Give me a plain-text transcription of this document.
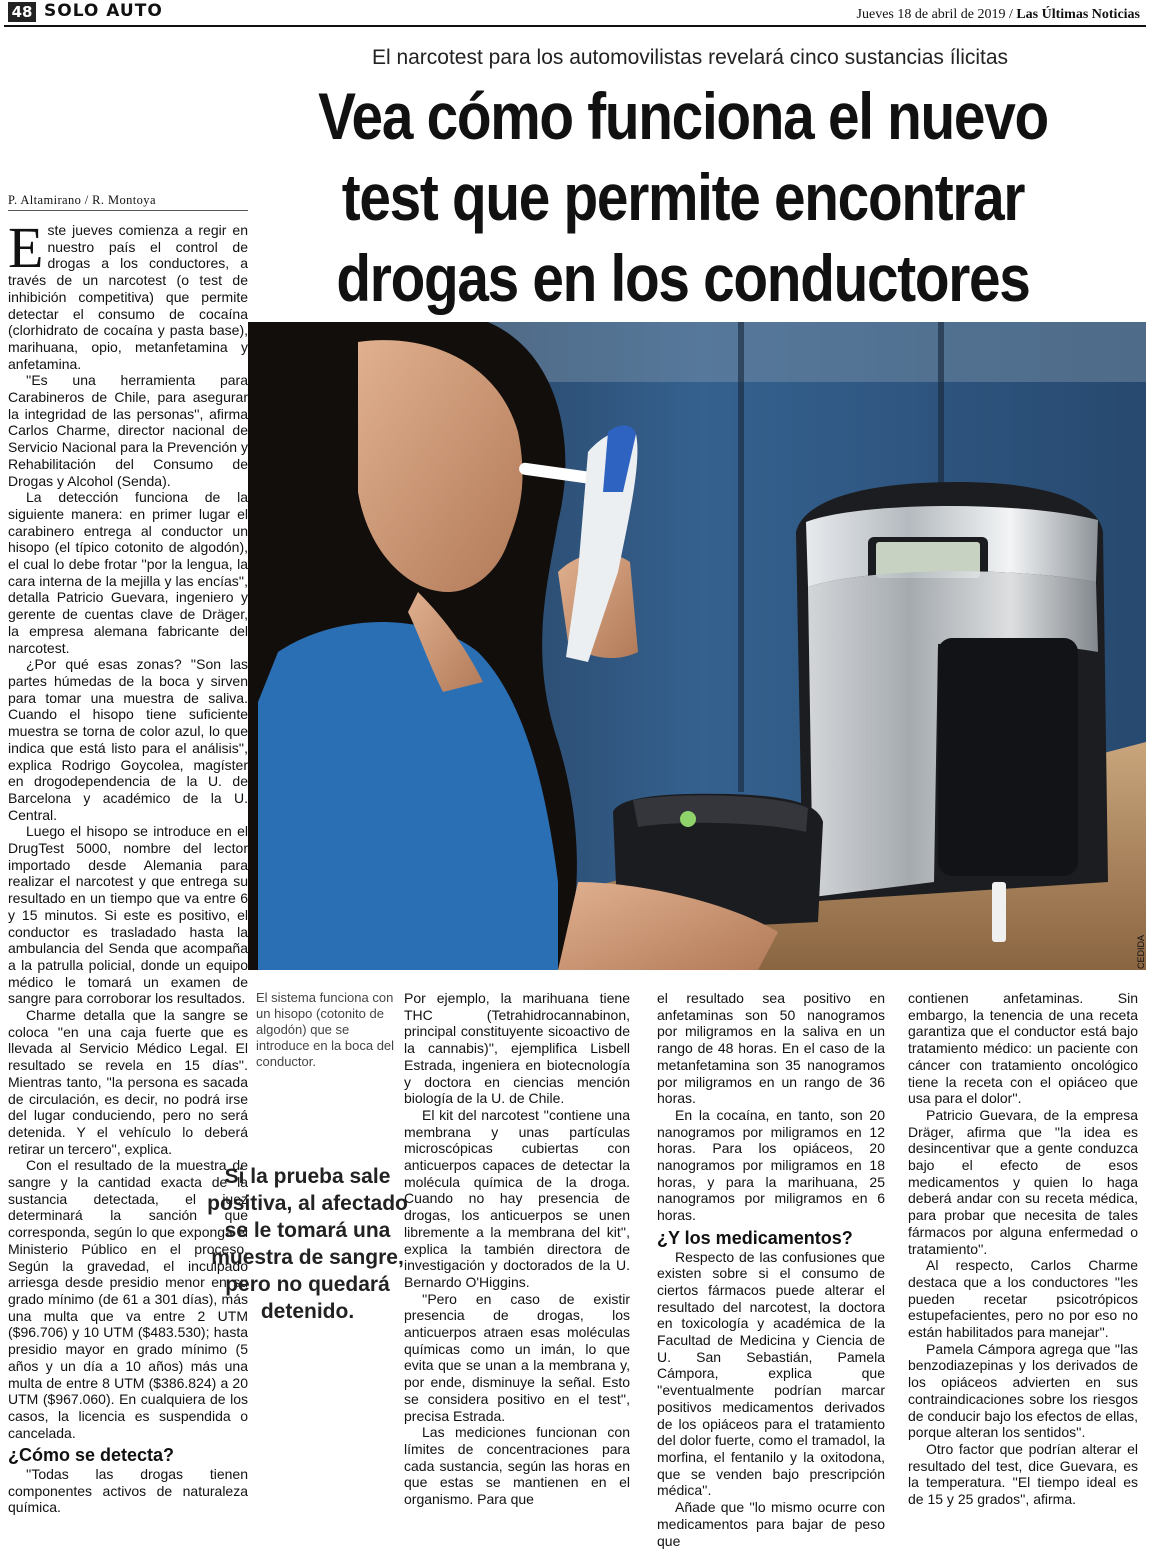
48 SOLO AUTO	Jueves 18 de abril de 2019 / Las Últimas Noticias
El narcotest para los automovilistas revelará cinco sustancias ílicitas
Vea cómo funciona el nuevo
test que permite encontrar
drogas en los conductores
P. Altamirano / R. Montoya

Este jueves comienza a regir en nuestro país el control de drogas a los conductores, a través de un narcotest (o test de inhibición competitiva) que permite detectar el consumo de cocaína (clorhidrato de cocaína y pasta base), marihuana, opio, metanfetamina y anfetamina.

''Es una herramienta para Carabineros de Chile, para asegurar la integridad de las personas'', afirma Carlos Charme, director nacional de Servicio Nacional para la Prevención y Rehabilitación del Consumo de Drogas y Alcohol (Senda).

La detección funciona de la siguiente manera: en primer lugar el carabinero entrega al conductor un hisopo (el típico cotonito de algodón), el cual lo debe frotar ''por la lengua, la cara interna de la mejilla y las encías'', detalla Patricio Guevara, ingeniero y gerente de cuentas clave de Dräger, la empresa alemana fabricante del narcotest.

¿Por qué esas zonas? ''Son las partes húmedas de la boca y sirven para tomar una muestra de saliva. Cuando el hisopo tiene suficiente muestra se torna de color azul, lo que indica que está listo para el análisis'', explica Rodrigo Goycolea, magíster en drogodependencia de la U. de Barcelona y académico de la U. Central.

Luego el hisopo se introduce en el DrugTest 5000, nombre del lector importado desde Alemania para realizar el narcotest y que entrega su resultado en un tiempo que va entre 6 y 15 minutos. Si este es positivo, el conductor es trasladado hasta la ambulancia del Senda que acompaña a la patrulla policial, donde un equipo médico le tomará un examen de sangre para corroborar los resultados.

Charme detalla que la sangre se coloca ''en una caja fuerte que es llevada al Servicio Médico Legal. El resultado se revela en 15 días''. Mientras tanto, ''la persona es sacada de circulación, es decir, no podrá irse del lugar conduciendo, pero no será detenida. Y el vehículo lo deberá retirar un tercero'', explica.

Con el resultado de la muestra de sangre y la cantidad exacta de la sustancia detectada, el juez determinará la sanción que corresponda, según lo que exponga el Ministerio Público en el proceso. Según la gravedad, el inculpado arriesga desde presidio menor en su grado mínimo (de 61 a 301 días), más una multa que va entre 2 UTM ($96.706) y 10 UTM ($483.530); hasta presidio mayor en grado mínimo (5 años y un día a 10 años) más una multa de entre 8 UTM ($386.824) a 20 UTM ($967.060). En cualquiera de los casos, la licencia es suspendida o cancelada.

¿Cómo se detecta?

''Todas las drogas tienen componentes activos de naturaleza química.

CEDIDA
El sistema funciona con un hisopo (cotonito de algodón) que se introduce en la boca del conductor.
Si la prueba sale positiva, al afectado se le tomará una muestra de sangre, pero no quedará detenido.

Por ejemplo, la marihuana tiene THC (Tetrahidrocannabinon, principal constituyente sicoactivo de la cannabis)'', ejemplifica Lisbell Estrada, ingeniera en biotecnología y doctora en ciencias mención biología de la U. de Chile.

El kit del narcotest ''contiene una membrana y unas partículas microscópicas cubiertas con anticuerpos capaces de detectar la molécula química de la droga. Cuando no hay presencia de drogas, los anticuerpos se unen libremente a la membrana del kit'', explica la también directora de investigación y doctorados de la U. Bernardo O'Higgins.

''Pero en caso de existir presencia de drogas, los anticuerpos atraen esas moléculas químicas como un imán, lo que evita que se unan a la membrana y, por ende, disminuye la señal. Esto se considera positivo en el test'', precisa Estrada.

Las mediciones funcionan con límites de concentraciones para cada sustancia, según las horas en que estas se mantienen en el organismo. Para que

el resultado sea positivo en anfetaminas son 50 nanogramos por miligramos en la saliva en un rango de 48 horas. En el caso de la metanfetamina son 35 nanogramos por miligramos en un rango de 36 horas.

En la cocaína, en tanto, son 20 nanogramos por miligramos en 12 horas. Para los opiáceos, 20 nanogramos por miligramos en 18 horas, y para la marihuana, 25 nanogramos por miligramos en 6 horas.

¿Y los medicamentos?

Respecto de las confusiones que existen sobre si el consumo de ciertos fármacos puede alterar el resultado del narcotest, la doctora en toxicología y académica de la Facultad de Medicina y Ciencia de U. San Sebastián, Pamela Cámpora, explica que ''eventualmente podrían marcar positivos medicamentos derivados de los opiáceos para el tratamiento del dolor fuerte, como el tramadol, la morfina, el fentanilo y la oxitodona, que se venden bajo prescripción médica''.

Añade que ''lo mismo ocurre con medicamentos para bajar de peso que

contienen anfetaminas. Sin embargo, la tenencia de una receta garantiza que el conductor está bajo tratamiento médico: un paciente con cáncer con tratamiento oncológico tiene la receta con el opiáceo que usa para el dolor''.

Patricio Guevara, de la empresa Dräger, afirma que ''la idea es desincentivar que a gente conduzca bajo el efecto de esos medicamentos y quien lo haga deberá andar con su receta médica, para probar que necesita de tales fármacos por alguna enfermedad o tratamiento''.

Al respecto, Carlos Charme destaca que a los conductores ''les pueden recetar psicotrópicos estupefacientes, pero no por eso no están habilitados para manejar''.

Pamela Cámpora agrega que ''las benzodiazepinas y los derivados de los opiáceos advierten en sus contraindicaciones sobre los riesgos de conducir bajo los efectos de ellas, porque alteran los sentidos''.

Otro factor que podrían alterar el resultado del test, dice Guevara, es la temperatura. ''El tiempo ideal es de 15 y 25 grados'', afirma.
